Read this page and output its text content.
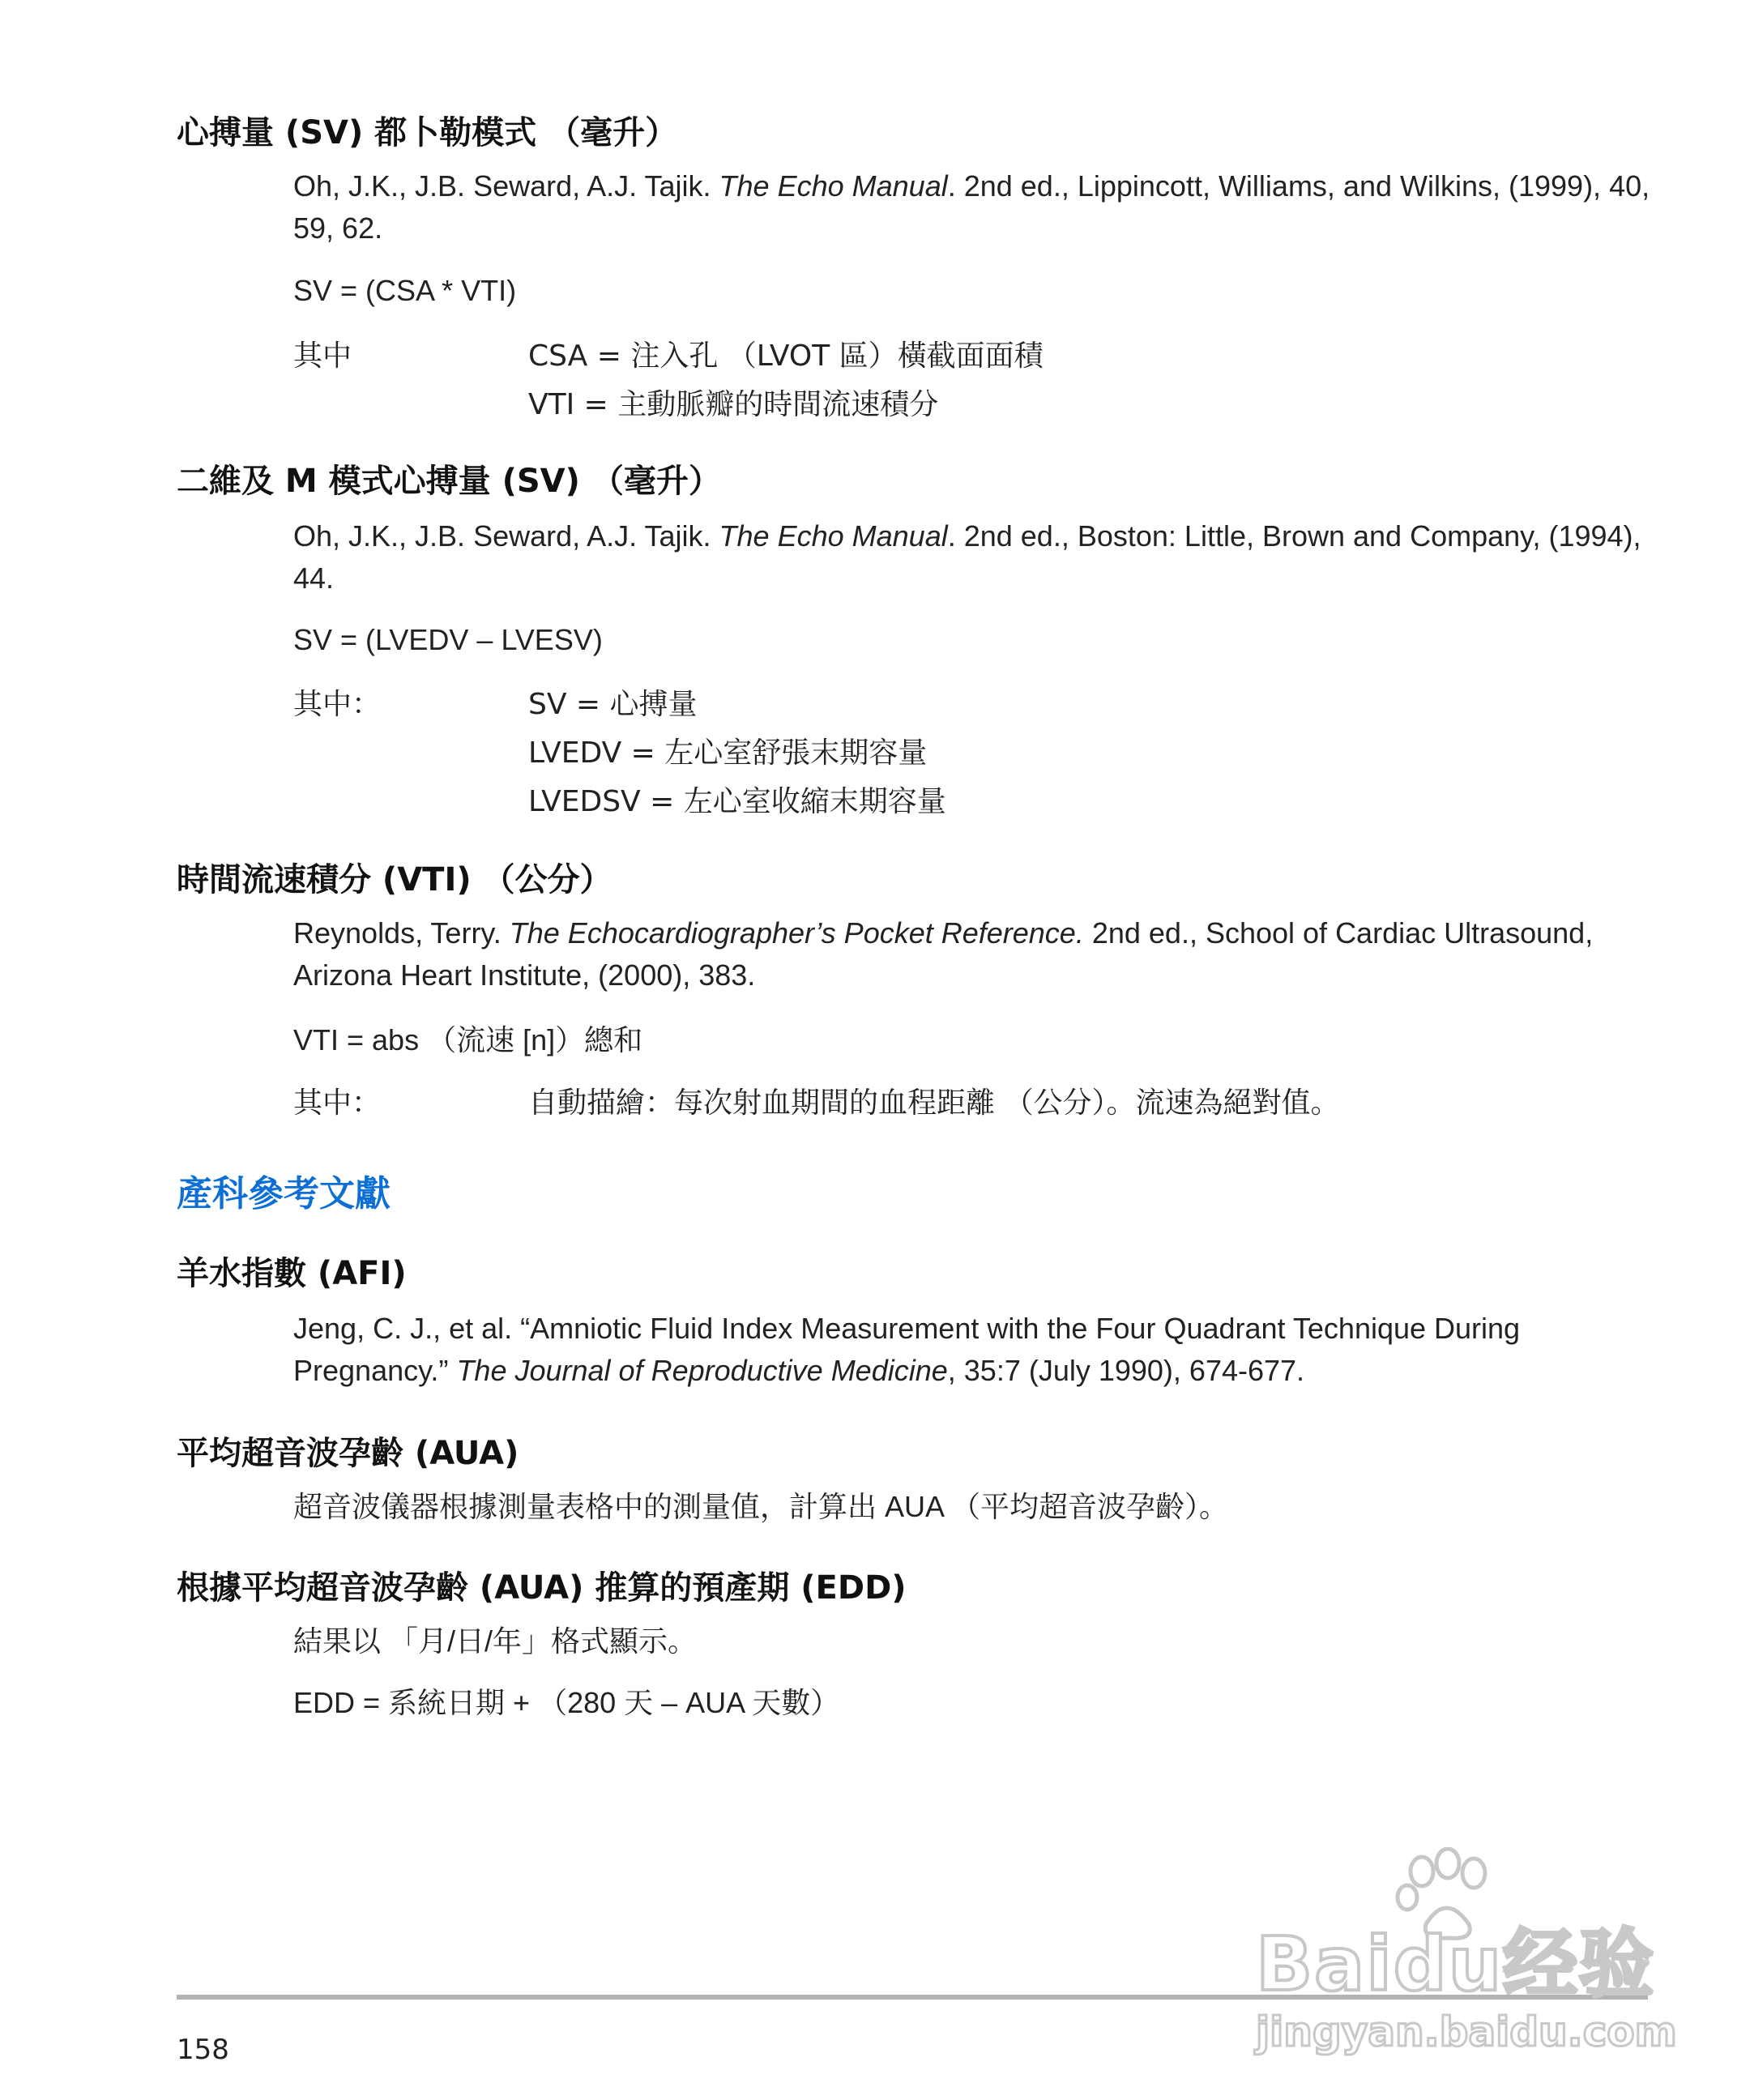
心搏量 (SV) 都卜勒模式 （毫升）
Oh, J.K., J.B. Seward, A.J. Tajik. The Echo Manual. 2nd ed., Lippincott, Williams, and Wilkins, (1999), 40,
59, 62.
SV = (CSA * VTI)
其中	CSA = 注入孔 （LVOT 區）橫截面面積
VTI = 主動脈瓣的時間流速積分
二維及 M 模式心搏量 (SV) （毫升）
Oh, J.K., J.B. Seward, A.J. Tajik. The Echo Manual. 2nd ed., Boston: Little, Brown and Company, (1994),
44.
SV = (LVEDV – LVESV)
其中：	SV = 心搏量
LVEDV = 左心室舒張末期容量
LVEDSV = 左心室收縮末期容量
時間流速積分 (VTI) （公分）
Reynolds, Terry. The Echocardiographer’s Pocket Reference. 2nd ed., School of Cardiac Ultrasound,
Arizona Heart Institute, (2000), 383.
VTI = abs （流速 [n]）總和
其中：	自動描繪：每次射血期間的血程距離 （公分）。流速為絕對值。
產科參考文獻
羊水指數 (AFI)
Jeng, C. J., et al. “Amniotic Fluid Index Measurement with the Four Quadrant Technique During
Pregnancy.” The Journal of Reproductive Medicine, 35:7 (July 1990), 674-677.
平均超音波孕齡 (AUA)
超音波儀器根據測量表格中的測量值，計算出 AUA （平均超音波孕齡）。
根據平均超音波孕齡 (AUA) 推算的預產期 (EDD)
結果以 「月/日/年」格式顯示。
EDD = 系統日期 + （280 天 – AUA 天數）
158
Baidu经验
jingyan.baidu.com
